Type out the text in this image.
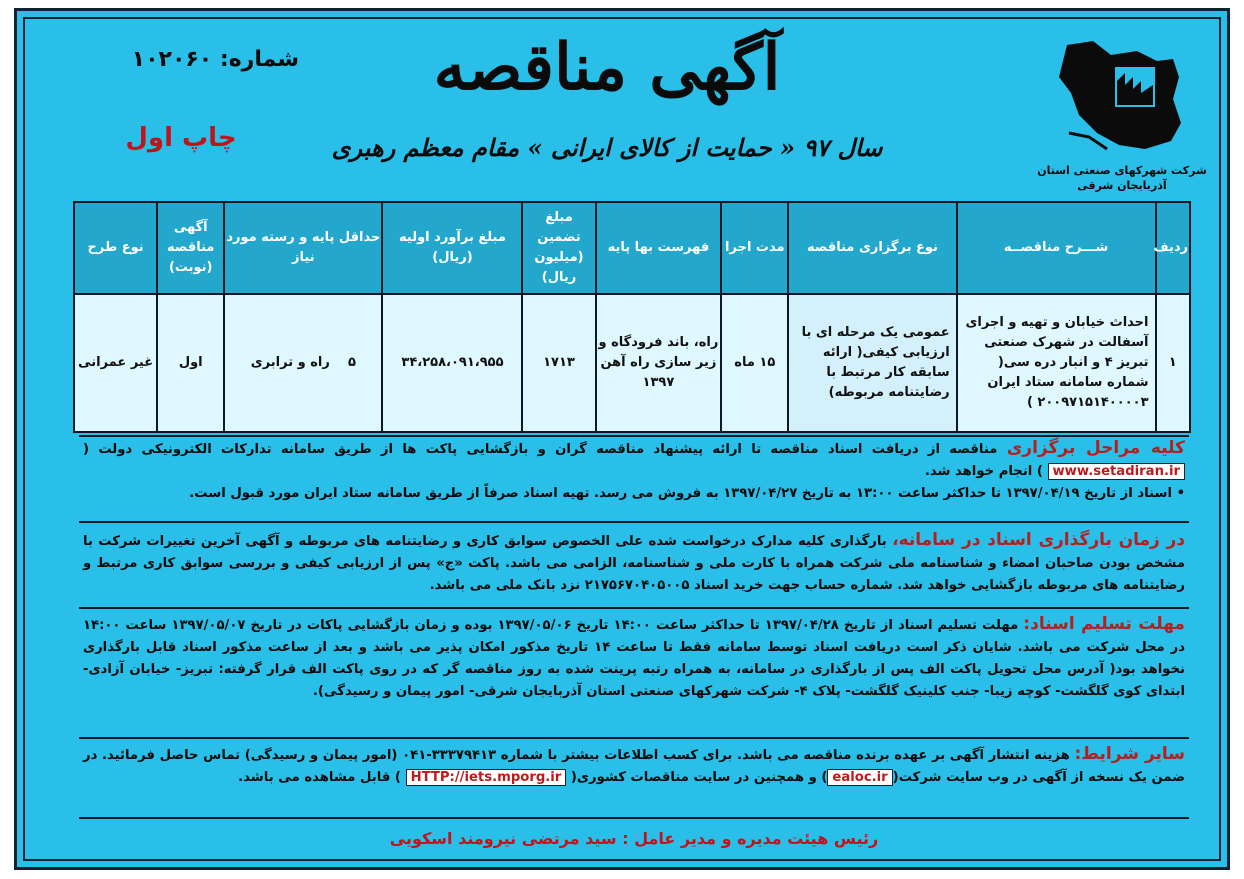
شماره: ۱۰۲۰۶۰
چاپ اول
آگهی مناقصه
سال ۹۷ « حمایت از کالای ایرانی » مقام معظم رهبری
شرکت شهرکهای صنعتی استان آذربایجان شرقی
ردیف	شـــرح مناقصــه	نوع برگزاری مناقصه	مدت اجرا	فهرست بها پایه	مبلغ تضمین (میلیون ریال)	مبلغ برآورد اولیه (ریال)	حداقل پایه و رسته مورد نیاز	آگهی مناقصه (نوبت)	نوع طرح
۱	احداث خیابان و تهیه و اجرای آسفالت در شهرک صنعتی تبریز ۴ و انبار دره سی( شماره سامانه ستاد ایران ۲۰۰۹۷۱۵۱۴۰۰۰۰۳ )	عمومی یک مرحله ای با ارزیابی کیفی( ارائه سابقه کار مرتبط با رضایتنامه مربوطه)	۱۵ ماه	راه، باند فرودگاه و زیر سازی راه آهن ۱۳۹۷	۱۷۱۳	۳۴،۲۵۸،۰۹۱،۹۵۵	۵    راه و ترابری	اول	غیر عمرانی
کلیه مراحل برگزاری مناقصه از دریافت اسناد مناقصه تا ارائه پیشنهاد مناقصه گران و بازگشایی پاکت ها از طریق سامانه تدارکات الکترونیکی دولت ( www.setadiran.ir ) انجام خواهد شد.
• اسناد از تاریخ ۱۳۹۷/۰۴/۱۹ تا حداکثر ساعت ۱۳:۰۰ به تاریخ ۱۳۹۷/۰۴/۲۷ به فروش می رسد. تهیه اسناد صرفاً از طریق سامانه ستاد ایران مورد قبول است.
در زمان بارگذاری اسناد در سامانه، بارگذاری کلیه مدارک درخواست شده علی الخصوص سوابق کاری و رضایتنامه های مربوطه و آگهی آخرین تغییرات شرکت با مشخص بودن صاحبان امضاء و شناسنامه ملی شرکت همراه با کارت ملی و شناسنامه، الزامی می باشد. پاکت «ج» پس از ارزیابی کیفی و بررسی سوابق کاری مرتبط و رضایتنامه های مربوطه بازگشایی خواهد شد. شماره حساب جهت خرید اسناد ۲۱۷۵۶۷۰۴۰۵۰۰۵ نزد بانک ملی می باشد.
مهلت تسلیم اسناد: مهلت تسلیم اسناد از تاریخ ۱۳۹۷/۰۴/۲۸ تا حداکثر ساعت ۱۴:۰۰ تاریخ ۱۳۹۷/۰۵/۰۶ بوده و زمان بازگشایی پاکات در تاریخ ۱۳۹۷/۰۵/۰۷ ساعت ۱۴:۰۰ در محل شرکت می باشد. شایان ذکر است دریافت اسناد توسط سامانه فقط تا ساعت ۱۴ تاریخ مذکور امکان پذیر می باشد و بعد از ساعت مذکور اسناد قابل بارگذاری نخواهد بود( آدرس محل تحویل پاکت الف پس از بارگذاری در سامانه، به همراه رتبه پرینت شده به روز مناقصه گر که در روی پاکت الف قرار گرفته: تبریز- خیابان آزادی- ابتدای کوی گلگشت- کوچه زیبا- جنب کلینیک گلگشت- پلاک ۴- شرکت شهرکهای صنعتی استان آذربایجان شرقی- امور پیمان و رسیدگی).
سایر شرایط: هزینه انتشار آگهی بر عهده برنده مناقصه می باشد. برای کسب اطلاعات بیشتر با شماره ۳۳۳۷۹۴۱۳-۰۴۱ (امور پیمان و رسیدگی) تماس حاصل فرمائید. در ضمن یک نسخه از آگهی در وب سایت شرکت(ealoc.ir) و همچنین در سایت مناقصات کشوری( HTTP://iets.mporg.ir ) قابل مشاهده می باشد.
رئیس هیئت مدیره و مدیر عامل : سید مرتضی نیرومند اسکویی
